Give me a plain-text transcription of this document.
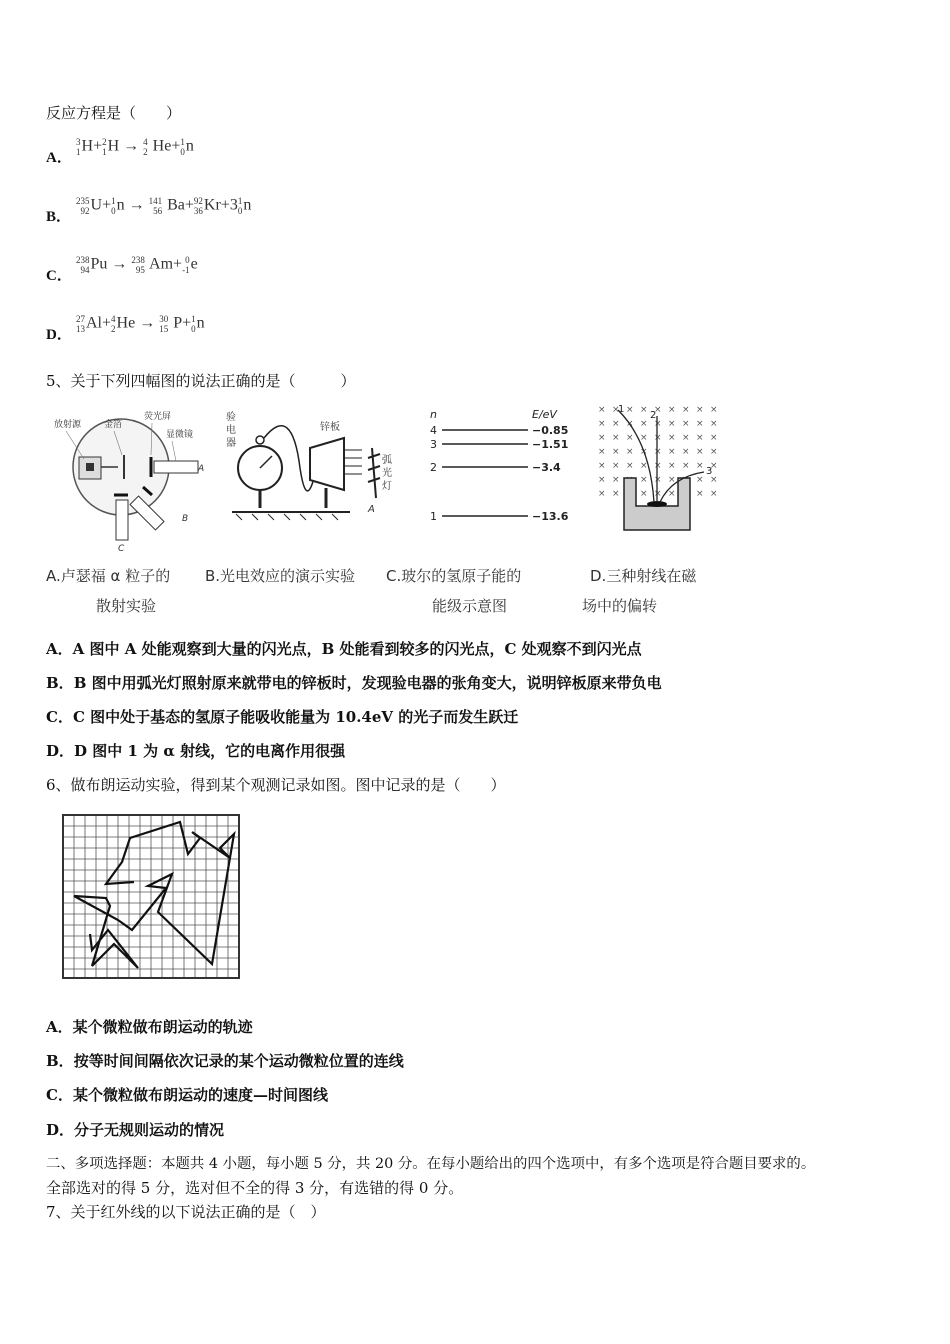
反应方程是（　　）
A．
3
1 H+ 2
1 H → 4
2 He+ 1
0 n
B．
235
92 U+ 1
0 n → 141
56 Ba+ 92
36 Kr+3 1
0 n
C．
238
94 Pu → 238
95 Am+ 0
-1 e
D．
27
13 Al+ 4
2 He → 30
15 P+ 1
0 n
5、关于下列四幅图的说法正确的是（　　　）
放射源	金箔
荧光屏
显微镜
A
B
C
验
电
器
锌板
弧
光
灯
A
n	E/eV
4	−0.85
3	−1.51
2	−3.4
1	−13.6
× × × × × × × × ×
× × × × × × × × ×
× × × × × × × × ×
× × × × × × × × ×
× × × × × × × × ×
× × × × × × ×
× × × × × × ×
1
2
3
A.卢瑟福 α 粒子的
散射实验
B.光电效应的演示实验 C.玻尔的氢原子能的
能级示意图
D.三种射线在磁
场中的偏转
A．A 图中 A 处能观察到大量的闪光点，B 处能看到较多的闪光点，C 处观察不到闪光点
B．B 图中用弧光灯照射原来就带电的锌板时，发现验电器的张角变大，说明锌板原来带负电
C．C 图中处于基态的氢原子能吸收能量为 10.4eV 的光子而发生跃迁
D．D 图中 1 为 α 射线，它的电离作用很强
6、做布朗运动实验，得到某个观测记录如图。图中记录的是（　　）
A．某个微粒做布朗运动的轨迹
B．按等时间间隔依次记录的某个运动微粒位置的连线
C．某个微粒做布朗运动的速度—时间图线
D．分子无规则运动的情况
二、多项选择题：本题共 4 小题，每小题 5 分，共 20 分。在每小题给出的四个选项中，有多个选项是符合题目要求的。
全部选对的得 5 分，选对但不全的得 3 分，有选错的得 0 分。
7、关于红外线的以下说法正确的是（　）
